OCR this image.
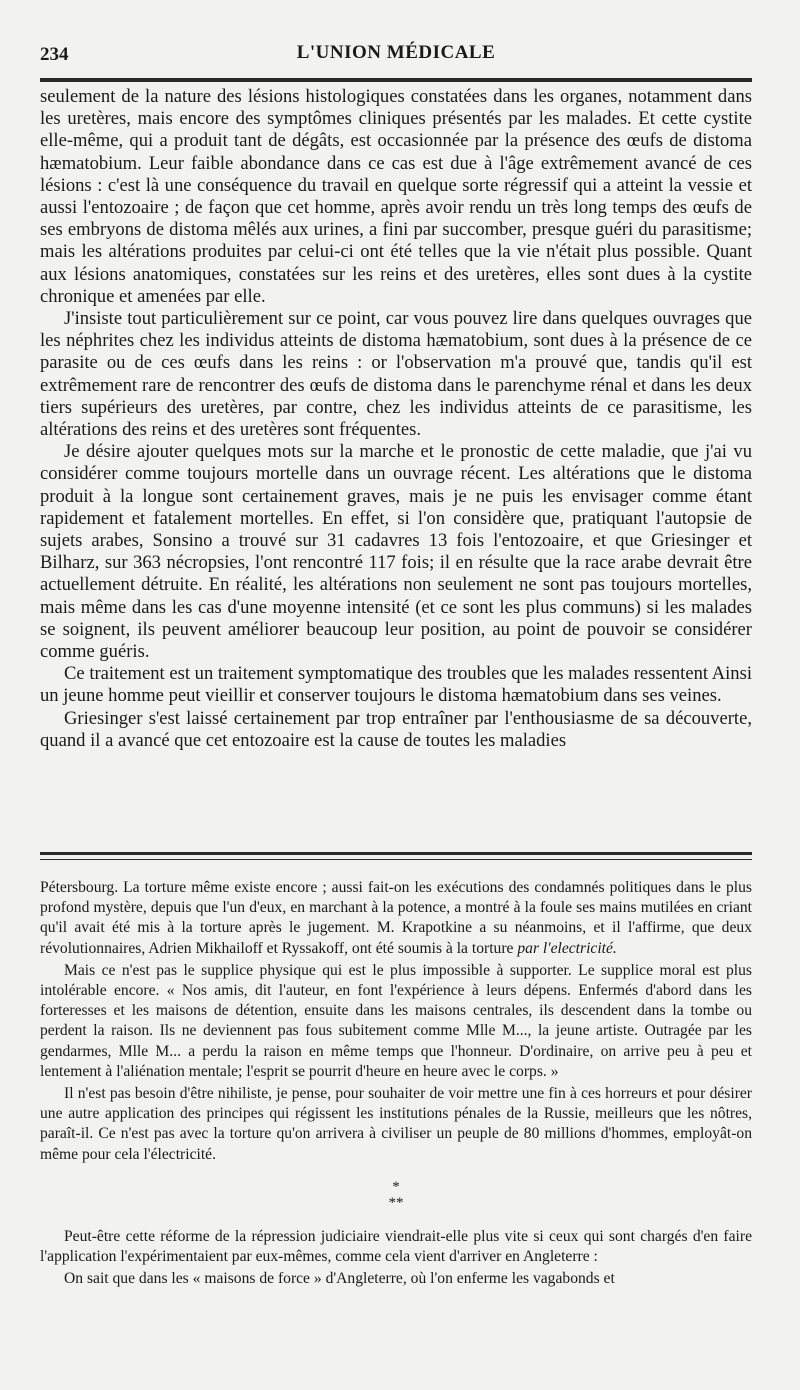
234	L'UNION MÉDICALE

seulement de la nature des lésions histologiques constatées dans les organes, notamment dans les uretères, mais encore des symptômes cliniques présentés par les malades. Et cette cystite elle-même, qui a produit tant de dégâts, est occasionnée par la présence des œufs de distoma hæmatobium. Leur faible abondance dans ce cas est due à l'âge extrêmement avancé de ces lésions : c'est là une conséquence du travail en quelque sorte régressif qui a atteint la vessie et aussi l'entozoaire ; de façon que cet homme, après avoir rendu un très long temps des œufs de ses embryons de distoma mêlés aux urines, a fini par succomber, presque guéri du parasitisme; mais les altérations produites par celui-ci ont été telles que la vie n'était plus possible. Quant aux lésions anatomiques, constatées sur les reins et des uretères, elles sont dues à la cystite chronique et amenées par elle.

J'insiste tout particulièrement sur ce point, car vous pouvez lire dans quelques ouvrages que les néphrites chez les individus atteints de distoma hæmatobium, sont dues à la présence de ce parasite ou de ces œufs dans les reins : or l'observation m'a prouvé que, tandis qu'il est extrêmement rare de rencontrer des œufs de distoma dans le parenchyme rénal et dans les deux tiers supérieurs des uretères, par contre, chez les individus atteints de ce parasitisme, les altérations des reins et des uretères sont fréquentes.

Je désire ajouter quelques mots sur la marche et le pronostic de cette maladie, que j'ai vu considérer comme toujours mortelle dans un ouvrage récent. Les altérations que le distoma produit à la longue sont certainement graves, mais je ne puis les envisager comme étant rapidement et fatalement mortelles. En effet, si l'on considère que, pratiquant l'autopsie de sujets arabes, Sonsino a trouvé sur 31 cadavres 13 fois l'entozoaire, et que Griesinger et Bilharz, sur 363 nécropsies, l'ont rencontré 117 fois; il en résulte que la race arabe devrait être actuellement détruite. En réalité, les altérations non seulement ne sont pas toujours mortelles, mais même dans les cas d'une moyenne intensité (et ce sont les plus communs) si les malades se soignent, ils peuvent améliorer beaucoup leur position, au point de pouvoir se considérer comme guéris.

Ce traitement est un traitement symptomatique des troubles que les malades ressentent Ainsi un jeune homme peut vieillir et conserver toujours le distoma hæmatobium dans ses veines.

Griesinger s'est laissé certainement par trop entraîner par l'enthousiasme de sa découverte, quand il a avancé que cet entozoaire est la cause de toutes les maladies

Pétersbourg. La torture même existe encore ; aussi fait-on les exécutions des condamnés politiques dans le plus profond mystère, depuis que l'un d'eux, en marchant à la potence, a montré à la foule ses mains mutilées en criant qu'il avait été mis à la torture après le jugement. M. Krapotkine a su néanmoins, et il l'affirme, que deux révolutionnaires, Adrien Mikhailoff et Ryssakoff, ont été soumis à la torture par l'electricité.

Mais ce n'est pas le supplice physique qui est le plus impossible à supporter. Le supplice moral est plus intolérable encore. « Nos amis, dit l'auteur, en font l'expérience à leurs dépens. Enfermés d'abord dans les forteresses et les maisons de détention, ensuite dans les maisons centrales, ils descendent dans la tombe ou perdent la raison. Ils ne deviennent pas fous subitement comme Mlle M..., la jeune artiste. Outragée par les gendarmes, Mlle M... a perdu la raison en même temps que l'honneur. D'ordinaire, on arrive peu à peu et lentement à l'aliénation mentale; l'esprit se pourrit d'heure en heure avec le corps. »

Il n'est pas besoin d'être nihiliste, je pense, pour souhaiter de voir mettre une fin à ces horreurs et pour désirer une autre application des principes qui régissent les institutions pénales de la Russie, meilleurs que les nôtres, paraît-il. Ce n'est pas avec la torture qu'on arrivera à civiliser un peuple de 80 millions d'hommes, employât-on même pour cela l'électricité.

*
**

Peut-être cette réforme de la répression judiciaire viendrait-elle plus vite si ceux qui sont chargés d'en faire l'application l'expérimentaient par eux-mêmes, comme cela vient d'arriver en Angleterre :

On sait que dans les « maisons de force » d'Angleterre, où l'on enferme les vagabonds et
